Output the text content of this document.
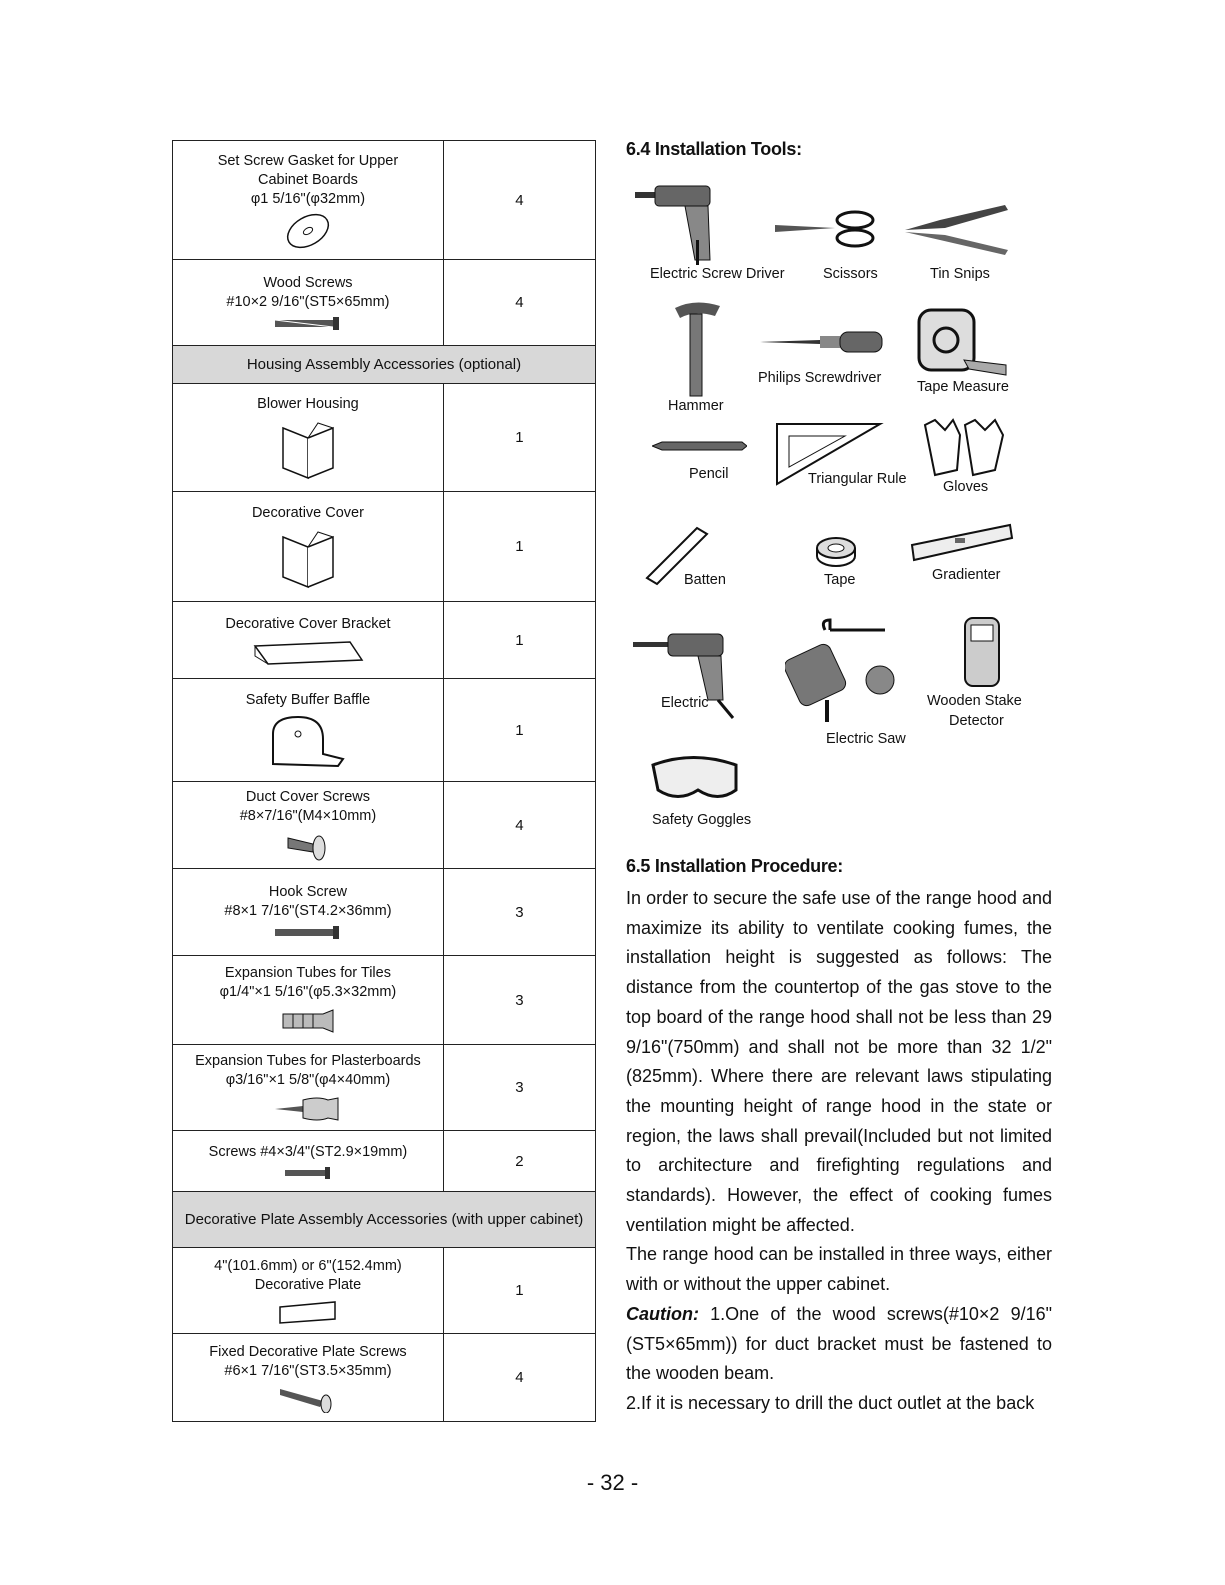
Set Screw Gasket for Upper
Cabinet Boards
φ1 5/16"(φ32mm)	4

Wood Screws
#10×2 9/16"(ST5×65mm)	4
Housing Assembly Accessories (optional)	

Blower Housing	1

Decorative Cover	1

Decorative Cover Bracket	1

Safety Buffer Baffle	1

Duct Cover Screws
#8×7/16"(M4×10mm)	4

Hook Screw
#8×1 7/16"(ST4.2×36mm)	3

Expansion Tubes for Tiles
φ1/4"×1 5/16"(φ5.3×32mm)	3

Expansion Tubes for Plasterboards
φ3/16"×1 5/8"(φ4×40mm)	3

Screws #4×3/4"(ST2.9×19mm)	2
Decorative Plate Assembly Accessories (with upper cabinet)	

4"(101.6mm) or 6"(152.4mm)
Decorative Plate	1

Fixed Decorative Plate Screws
#6×1 7/16"(ST3.5×35mm)	4
6.4 Installation Tools:
Electric Screw Driver	Scissors	Tin Snips
Hammer
Philips Screwdriver
Tape Measure
Pencil	Triangular Rule	Gloves
Batten	Tape	Gradienter
Electric
Electric Saw
Wooden Stake
Detector
Safety Goggles
6.5 Installation Procedure:

In order to secure the safe use of the range hood and maximize its ability to ventilate cooking fumes, the installation height is suggested as follows: The distance from the countertop of the gas stove to the top board of the range hood shall not be less than 29 9/16"(750mm) and shall not be more than 32 1/2"(825mm). Where there are relevant laws stipulating the mounting height of range hood in the state or region, the laws shall prevail(Included but not limited to architecture and firefighting regulations and standards). However, the effect of cooking fumes ventilation might be affected.

The range hood can be installed in three ways, either with or without the upper cabinet.

Caution: 1.One of the wood screws(#10×2 9/16"(ST5×65mm)) for duct bracket must be fastened to the wooden beam.

2.If it is necessary to drill the duct outlet at the back

- 32 -
